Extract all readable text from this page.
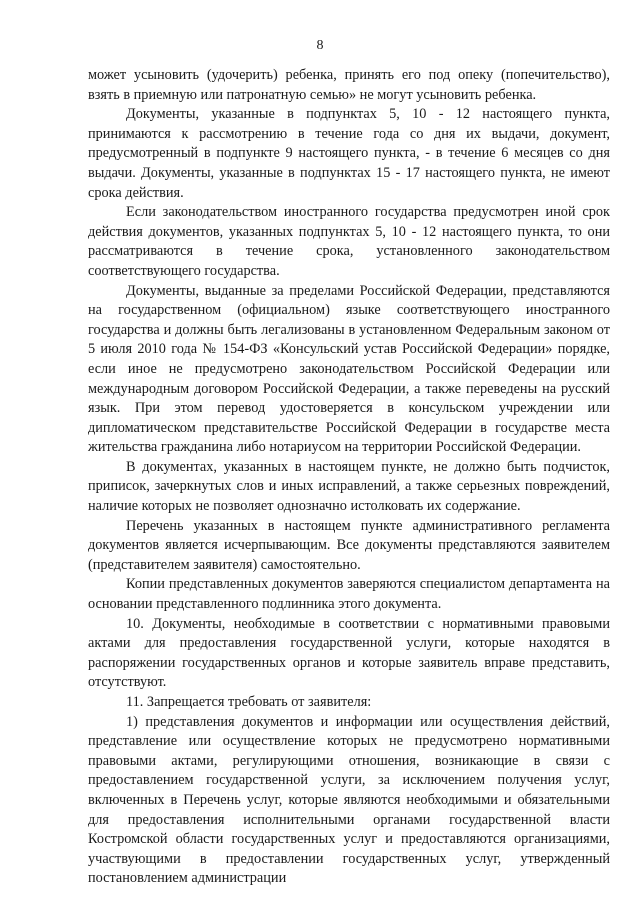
8

может усыновить (удочерить) ребенка, принять его под опеку (попечительство), взять в приемную или патронатную семью» не могут усыновить ребенка.

Документы, указанные в подпунктах 5, 10 - 12 настоящего пункта, принимаются к рассмотрению в течение года со дня их выдачи, документ, предусмотренный в подпункте 9 настоящего пункта, - в течение 6 месяцев со дня выдачи. Документы, указанные в подпунктах 15 - 17 настоящего пункта, не имеют срока действия.

Если законодательством иностранного государства предусмотрен иной срок действия документов, указанных подпунктах 5, 10 - 12 настоящего пункта, то они рассматриваются в течение срока, установленного законодательством соответствующего государства.

Документы, выданные за пределами Российской Федерации, представляются на государственном (официальном) языке соответствующего иностранного государства и должны быть легализованы в установленном Федеральным законом от 5 июля 2010 года № 154-ФЗ «Консульский устав Российской Федерации» порядке, если иное не предусмотрено законодательством Российской Федерации или международным договором Российской Федерации, а также переведены на русский язык. При этом перевод удостоверяется в консульском учреждении или дипломатическом представительстве Российской Федерации в государстве места жительства гражданина либо нотариусом на территории Российской Федерации.

В документах, указанных в настоящем пункте, не должно быть подчисток, приписок, зачеркнутых слов и иных исправлений, а также серьезных повреждений, наличие которых не позволяет однозначно истолковать их содержание.

Перечень указанных в настоящем пункте административного регламента документов является исчерпывающим. Все документы представляются заявителем (представителем заявителя) самостоятельно.

Копии представленных документов заверяются специалистом департамента на основании представленного подлинника этого документа.

10. Документы, необходимые в соответствии с нормативными правовыми актами для предоставления государственной услуги, которые находятся в распоряжении государственных органов и которые заявитель вправе представить, отсутствуют.

11. Запрещается требовать от заявителя:

1) представления документов и информации или осуществления действий, представление или осуществление которых не предусмотрено нормативными правовыми актами, регулирующими отношения, возникающие в связи с предоставлением государственной услуги, за исключением получения услуг, включенных в Перечень услуг, которые являются необходимыми и обязательными для предоставления исполнительными органами государственной власти Костромской области государственных услуг и предоставляются организациями, участвующими в предоставлении государственных услуг, утвержденный постановлением администрации
